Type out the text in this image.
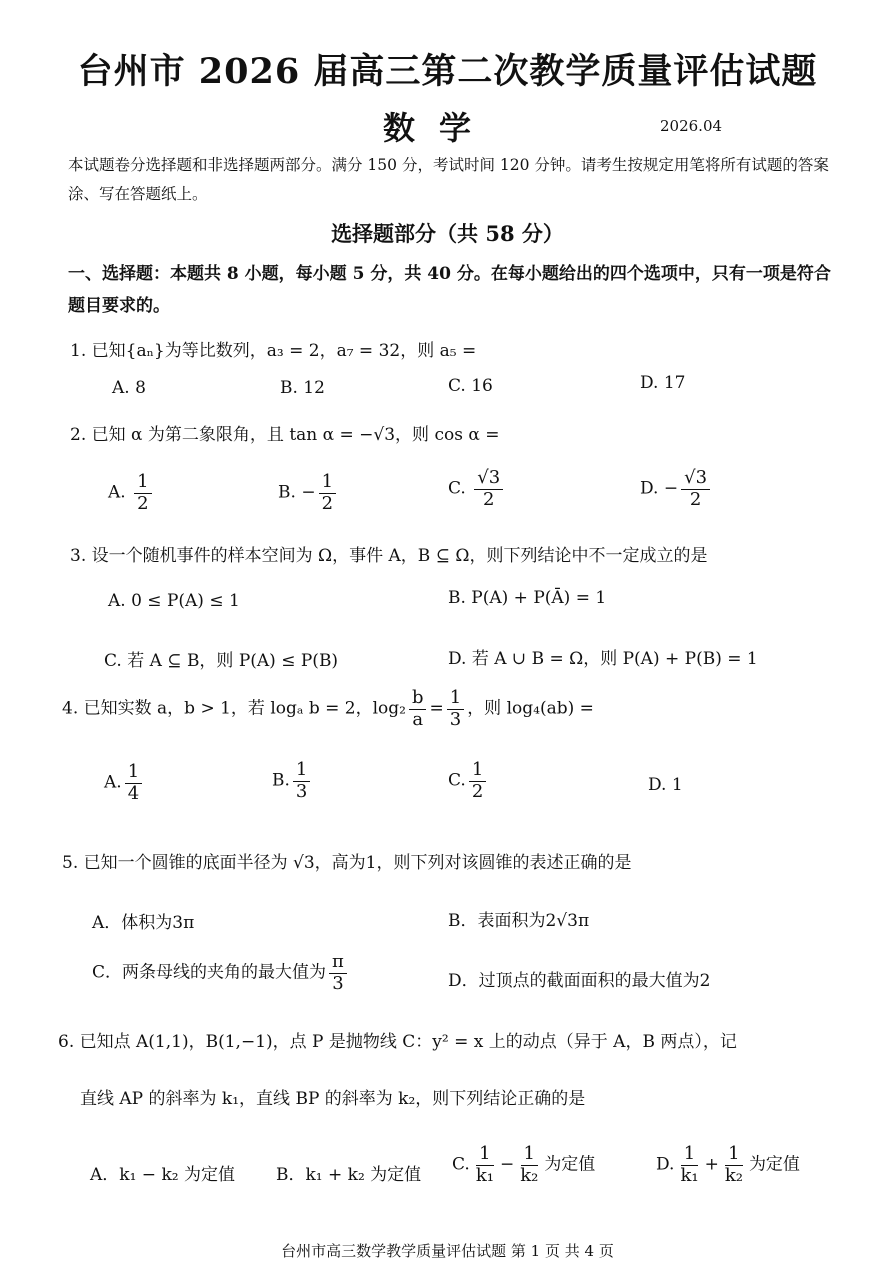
台州市 2026 届高三第二次教学质量评估试题
数学	2026.04
本试题卷分选择题和非选择题两部分。满分 150 分，考试时间 120 分钟。请考生按规定用笔将所有试题的答案涂、写在答题纸上。
选择题部分（共 58 分）
一、选择题：本题共 8 小题，每小题 5 分，共 40 分。在每小题给出的四个选项中，只有一项是符合题目要求的。
1. 已知{aₙ}为等比数列，a₃ = 2，a₇ = 32，则 a₅ =
A. 8	B. 12	C. 16	D. 17
2. 已知 α 为第二象限角，且 tan α = −√3，则 cos α =
A. $\frac{1}{2}$	B. − $\frac{1}{2}$	C. $\frac{√3}{2}$	D. − $\frac{√3}{2}$
3. 设一个随机事件的样本空间为 Ω，事件 A，B ⊆ Ω，则下列结论中不一定成立的是
A. 0 ≤ P(A) ≤ 1	B. P(A) + P(Ā) = 1
C. 若 A ⊆ B，则 P(A) ≤ P(B)	D. 若 A ∪ B = Ω，则 P(A) + P(B) = 1
4. 已知实数 a，b > 1，若 logₐ b = 2，$\log_2 \frac{b}{a} = \frac{1}{3}$ ，则 log₄(ab) =
A. $\frac{1}{4}$	B. $\frac{1}{3}$	C. $\frac{1}{2}$	D. 1
5. 已知一个圆锥的底面半径为 √3，高为1，则下列对该圆锥的表述正确的是
A．体积为3π	B．表面积为2√3π
C．两条母线的夹角的最大值为 $\frac{\pi}{3}$	D．过顶点的截面面积的最大值为2
6. 已知点 A(1,1)，B(1,−1)，点 P 是抛物线 C：y² = x 上的动点（异于 A，B 两点），记
直线 AP 的斜率为 k₁，直线 BP 的斜率为 k₂，则下列结论正确的是
A．k₁ − k₂ 为定值 B．k₁ + k₂ 为定值
C. $\frac{1}{\text{k₁}} - \frac{1}{\text{k₂}}$ 为定值	D. $\frac{1}{\text{k₁}} + \frac{1}{\text{k₂}}$ 为定值
台州市高三数学教学质量评估试题 第 1 页 共 4 页
